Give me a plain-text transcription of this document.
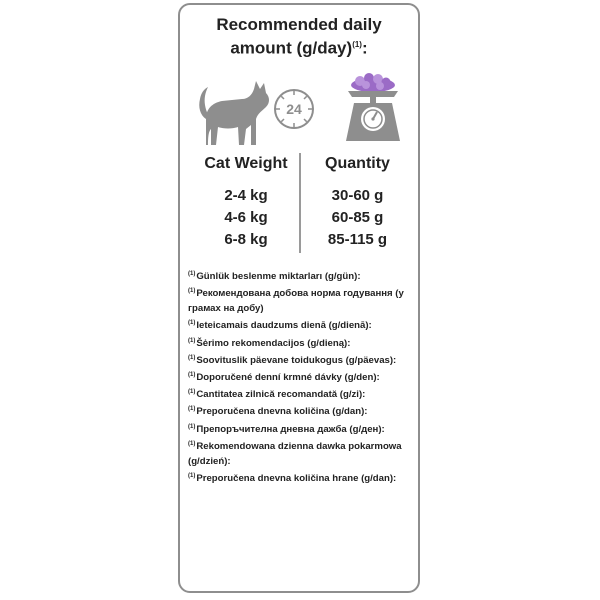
Recommended daily
amount $(g/day)^{(1)}$:
24
Cat Weight	Quantity
2-4 kg	30-60 g
4-6 kg	60-85 g
6-8 kg	85-115 g
$^{(1)}$Günlük beslenme miktarları (g/gün):
$^{(1)}$Рекомендована добова норма годування (у грамах на добу)
$^{(1)}$Ieteicamais daudzums dienā (g/dienā):
$^{(1)}$Šėrimo rekomendacijos (g/dieną):
$^{(1)}$Soovituslik päevane toidukogus (g/päevas):
$^{(1)}$Doporučené denní krmné dávky (g/den):
$^{(1)}$Cantitatea zilnică recomandată (g/zi):
$^{(1)}$Preporučena dnevna količina (g/dan):
$^{(1)}$Препоръчителна дневна дажба (g/ден):
$^{(1)}$Rekomendowana dzienna dawka pokarmowa (g/dzień):
$^{(1)}$Preporučena dnevna količina hrane (g/dan):
